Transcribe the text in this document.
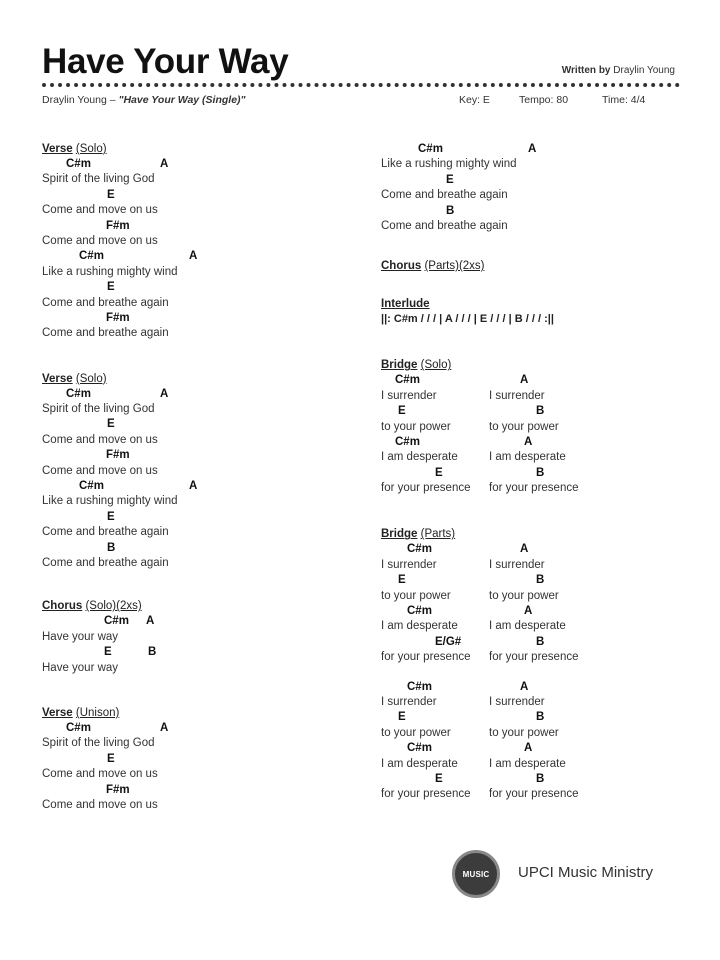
Have Your Way	Written by Draylin Young
Draylin Young – "Have Your Way (Single)"	Key: E	Tempo: 80	Time: 4/4
Verse (Solo)
C#m	A
Spirit of the living God
E
Come and move on us
F#m
Come and move on us
C#m	A
Like a rushing mighty wind
E
Come and breathe again
F#m
Come and breathe again
Verse (Solo)
C#m	A
Spirit of the living God
E
Come and move on us
F#m
Come and move on us
C#m	A
Like a rushing mighty wind
E
Come and breathe again
B
Come and breathe again
Chorus (Solo)(2xs)
C#m A
Have your way
E	B
Have your way
Verse (Unison)
C#m	A
Spirit of the living God
E
Come and move on us
F#m
Come and move on us
C#m	A
Like a rushing mighty wind
E
Come and breathe again
B
Come and breathe again
Chorus (Parts)(2xs)
Interlude
||: C#m / / / | A / / / | E / / / | B / / / :||
Bridge (Solo)
C#m	A
I surrender	I surrender
E	B
to your power	to your power
C#m	A
I am desperate	I am desperate
E	B
for your presence for your presence
Bridge (Parts)
C#m	A
I surrender	I surrender
E	B
to your power	to your power
C#m	A
I am desperate	I am desperate
E/G#	B
for your presence for your presence
C#m	A
I surrender	I surrender
E	B
to your power	to your power
C#m	A
I am desperate	I am desperate
E	B
for your presence for your presence
MUSIC UPCI Music Ministry
